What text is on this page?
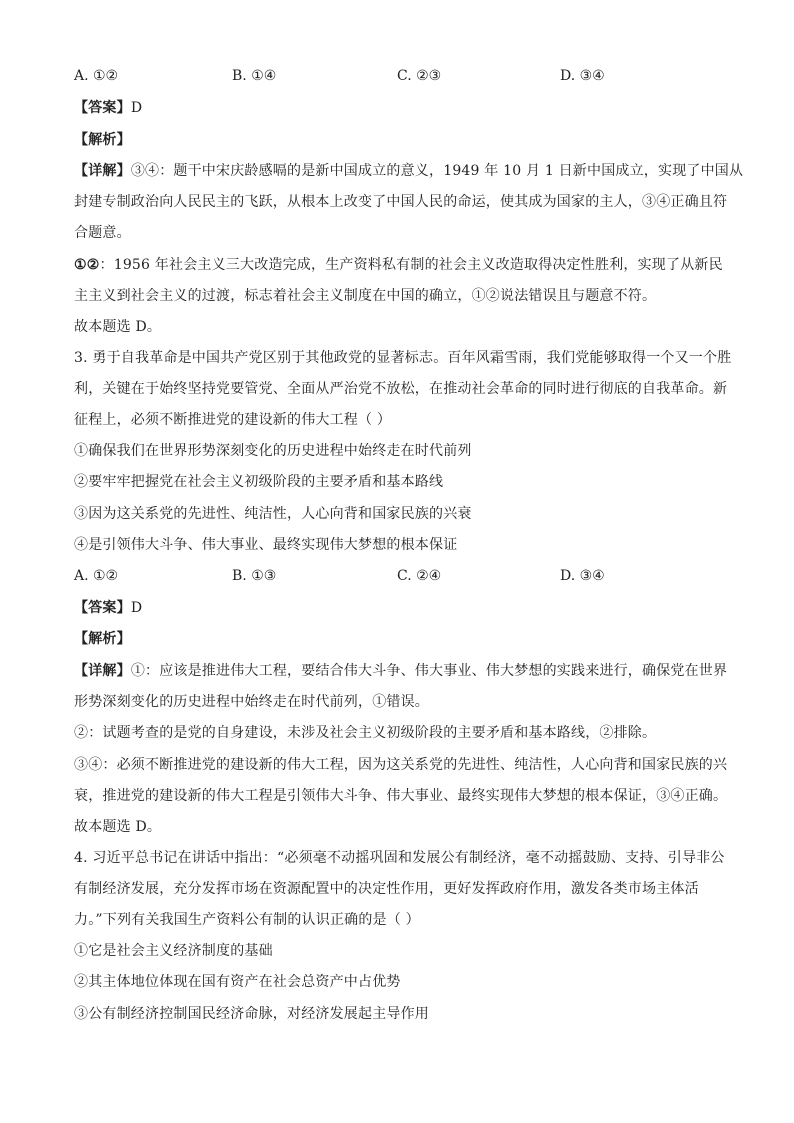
A. ①②	B. ①④	C. ②③	D. ③④
【答案】D
【解析】
【详解】③④：题干中宋庆龄感嗝的是新中国成立的意义，1949 年 10 月 1 日新中国成立，实现了中国从
封建专制政治向人民民主的飞跃，从根本上改变了中国人民的命运，使其成为国家的主人，③④正确且符
合题意。
①②：1956 年社会主义三大改造完成，生产资料私有制的社会主义改造取得决定性胜利，实现了从新民
主主义到社会主义的过渡，标志着社会主义制度在中国的确立，①②说法错误且与题意不符。
故本题选 D。
3. 勇于自我革命是中国共产党区别于其他政党的显著标志。百年风霜雪雨，我们党能够取得一个又一个胜
利，关键在于始终坚持党要管党、全面从严治党不放松，在推动社会革命的同时进行彻底的自我革命。新
征程上，必须不断推进党的建设新的伟大工程（ ）
①确保我们在世界形势深刻变化的历史进程中始终走在时代前列
②要牢牢把握党在社会主义初级阶段的主要矛盾和基本路线
③因为这关系党的先进性、纯洁性，人心向背和国家民族的兴衰
④是引领伟大斗争、伟大事业、最终实现伟大梦想的根本保证
A. ①②	B. ①③	C. ②④	D. ③④
【答案】D
【解析】
【详解】①：应该是推进伟大工程，要结合伟大斗争、伟大事业、伟大梦想的实践来进行，确保党在世界
形势深刻变化的历史进程中始终走在时代前列，①错误。
②：试题考查的是党的自身建设，未涉及社会主义初级阶段的主要矛盾和基本路线，②排除。
③④：必须不断推进党的建设新的伟大工程，因为这关系党的先进性、纯洁性，人心向背和国家民族的兴
衰，推进党的建设新的伟大工程是引领伟大斗争、伟大事业、最终实现伟大梦想的根本保证，③④正确。
故本题选 D。
4. 习近平总书记在讲话中指出：“必须毫不动摇巩固和发展公有制经济，毫不动摇鼓励、支持、引导非公
有制经济发展，充分发挥市场在资源配置中的决定性作用，更好发挥政府作用，激发各类市场主体活
力。”下列有关我国生产资料公有制的认识正确的是（ ）
①它是社会主义经济制度的基础
②其主体地位体现在国有资产在社会总资产中占优势
③公有制经济控制国民经济命脉，对经济发展起主导作用
